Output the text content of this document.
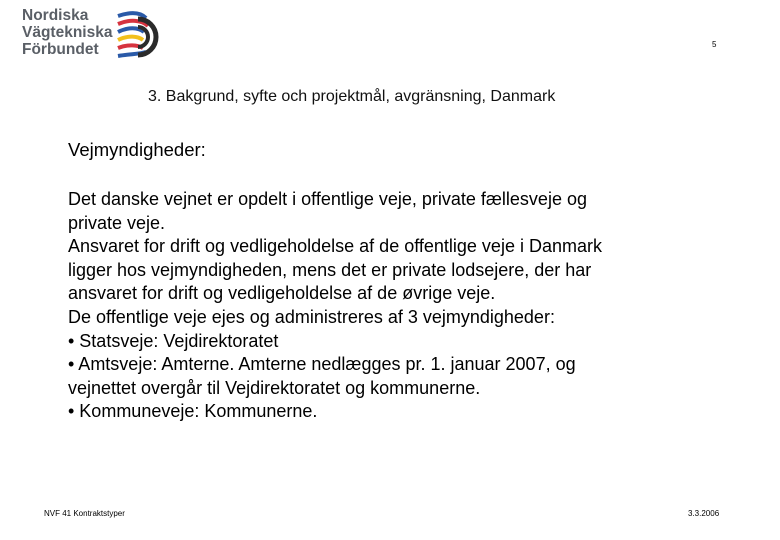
Nordiska
Vägtekniska
Förbundet	5
3. Bakgrund, syfte och projektmål, avgränsning, Danmark
Vejmyndigheder:
Det danske vejnet er opdelt i offentlige veje, private fællesveje og
private veje.
Ansvaret for drift og vedligeholdelse af de offentlige veje i Danmark
ligger hos vejmyndigheden, mens det er private lodsejere, der har
ansvaret for drift og vedligeholdelse af de øvrige veje.
De offentlige veje ejes og administreres af 3 vejmyndigheder:
• Statsveje: Vejdirektoratet
• Amtsveje: Amterne. Amterne nedlægges pr. 1. januar 2007, og
vejnettet overgår til Vejdirektoratet og kommunerne.
• Kommuneveje: Kommunerne.
NVF 41 Kontraktstyper	3.3.2006
